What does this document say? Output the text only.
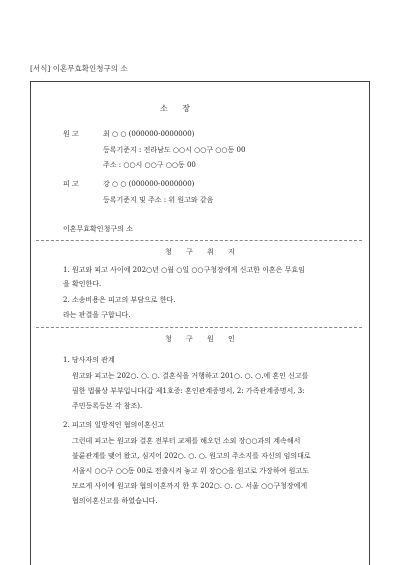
[서식] 이혼무효확인청구의 소
소 장
원 고	최 ○ ○ (000000-0000000)
등록기준지 : 전라남도 ○○시 ○○구 ○○동 00
주소 : ○○시 ○○구 ○○동 00
피 고	강 ○ ○ (000000-0000000)
등록기준지 및 주소 : 위 원고와 같음
이혼무효확인청구의 소
청 구 취 지
1. 원고와 피고 사이에 202○년 ○월 ○일 ○○구청장에게 신고한 이혼은 무효임
을 확인한다.
2. 소송비용은 피고의 부담으로 한다.
라는 판결을 구합니다.
청 구 원 인
1. 당사자의 관계
원고와 피고는 202○. ○. ○. 결혼식을 거행하고 201○. ○. ○.에 혼인 신고를
필한 법률상 부부입니다(갑 제1호증: 혼인관계증명서, 2: 가족관계증명서, 3:
주민등록등본 각 참조).
2. 피고의 일방적인 협의이혼신고
그런데 피고는 원고와 결혼 전부터 교제를 해오던 소외 장○○과의 계속해서
불륜관계를 맺어 왔고, 심지어 202○. ○. ○. 원고의 주소지를 자신의 임의대로
서울시 ○○구 ○○동 00로 전출시켜 놓고 위 장○○을 원고로 가장하여 원고도
모르게 사이에 원고와 협의이혼까지 한 후 202○. ○. ○. 서울 ○○구청장에게
협의이혼신고를 하였습니다.
